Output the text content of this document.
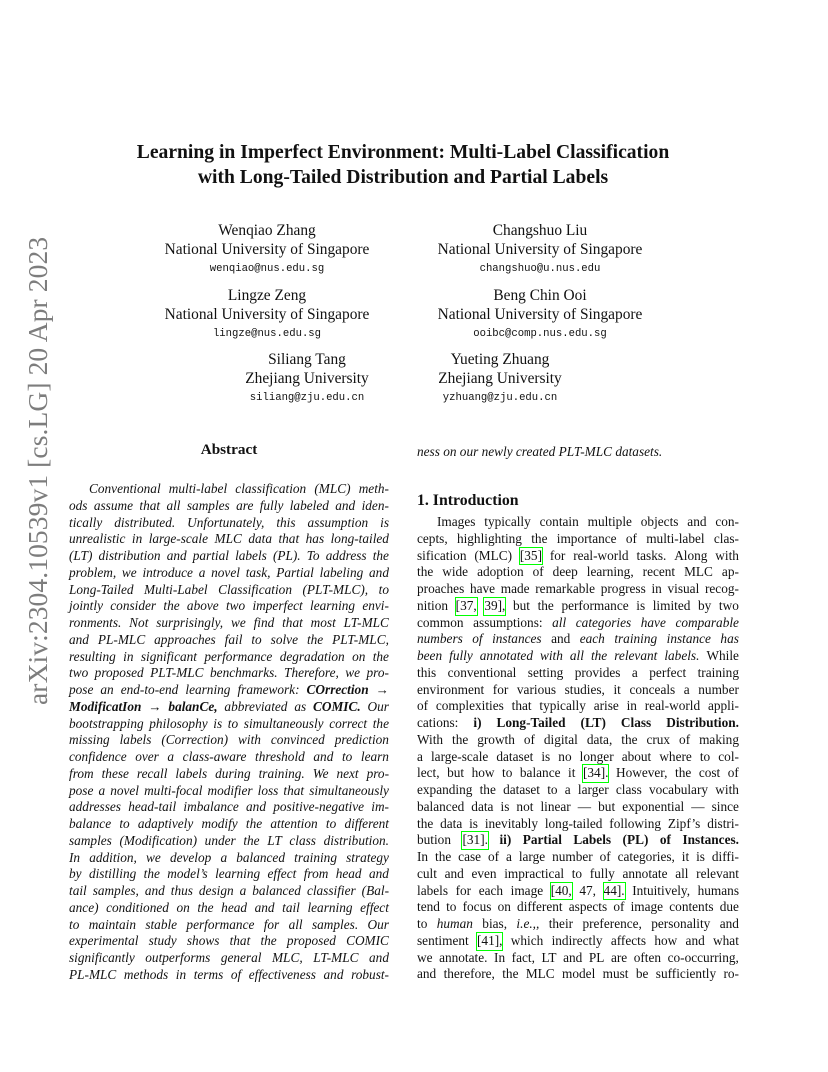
arXiv:2304.10539v1 [cs.LG] 20 Apr 2023
Learning in Imperfect Environment: Multi-Label Classification
with Long-Tailed Distribution and Partial Labels
Wenqiao Zhang
National University of Singapore
wenqiao@nus.edu.sg
Changshuo Liu
National University of Singapore
changshuo@u.nus.edu
Lingze Zeng
National University of Singapore
lingze@nus.edu.sg
Beng Chin Ooi
National University of Singapore
ooibc@comp.nus.edu.sg
Siliang Tang
Zhejiang University
siliang@zju.edu.cn
Yueting Zhuang
Zhejiang University
yzhuang@zju.edu.cn
Abstract
Conventional multi-label classification (MLC) meth-
ods assume that all samples are fully labeled and iden-
tically distributed. Unfortunately, this assumption is
unrealistic in large-scale MLC data that has long-tailed
(LT) distribution and partial labels (PL). To address the
problem, we introduce a novel task, Partial labeling and
Long-Tailed Multi-Label Classification (PLT-MLC), to
jointly consider the above two imperfect learning envi-
ronments. Not surprisingly, we find that most LT-MLC
and PL-MLC approaches fail to solve the PLT-MLC,
resulting in significant performance degradation on the
two proposed PLT-MLC benchmarks. Therefore, we pro-
pose an end-to-end learning framework: COrrection →
ModificatIon → balanCe, abbreviated as COMIC. Our
bootstrapping philosophy is to simultaneously correct the
missing labels (Correction) with convinced prediction
confidence over a class-aware threshold and to learn
from these recall labels during training. We next pro-
pose a novel multi-focal modifier loss that simultaneously
addresses head-tail imbalance and positive-negative im-
balance to adaptively modify the attention to different
samples (Modification) under the LT class distribution.
In addition, we develop a balanced training strategy
by distilling the model’s learning effect from head and
tail samples, and thus design a balanced classifier (Bal-
ance) conditioned on the head and tail learning effect
to maintain stable performance for all samples. Our
experimental study shows that the proposed COMIC
significantly outperforms general MLC, LT-MLC and
PL-MLC methods in terms of effectiveness and robust-
ness on our newly created PLT-MLC datasets.
1. Introduction
Images typically contain multiple objects and con-
cepts, highlighting the importance of multi-label clas-
sification (MLC) [35] for real-world tasks. Along with
the wide adoption of deep learning, recent MLC ap-
proaches have made remarkable progress in visual recog-
nition [37, 39], but the performance is limited by two
common assumptions: all categories have comparable
numbers of instances and each training instance has
been fully annotated with all the relevant labels. While
this conventional setting provides a perfect training
environment for various studies, it conceals a number
of complexities that typically arise in real-world appli-
cations: i) Long-Tailed (LT) Class Distribution.
With the growth of digital data, the crux of making
a large-scale dataset is no longer about where to col-
lect, but how to balance it [34]. However, the cost of
expanding the dataset to a larger class vocabulary with
balanced data is not linear — but exponential — since
the data is inevitably long-tailed following Zipf’s distri-
bution [31]. ii) Partial Labels (PL) of Instances.
In the case of a large number of categories, it is diffi-
cult and even impractical to fully annotate all relevant
labels for each image [40, 47, 44]. Intuitively, humans
tend to focus on different aspects of image contents due
to human bias, i.e.,, their preference, personality and
sentiment [41], which indirectly affects how and what
we annotate. In fact, LT and PL are often co-occurring,
and therefore, the MLC model must be sufficiently ro-
